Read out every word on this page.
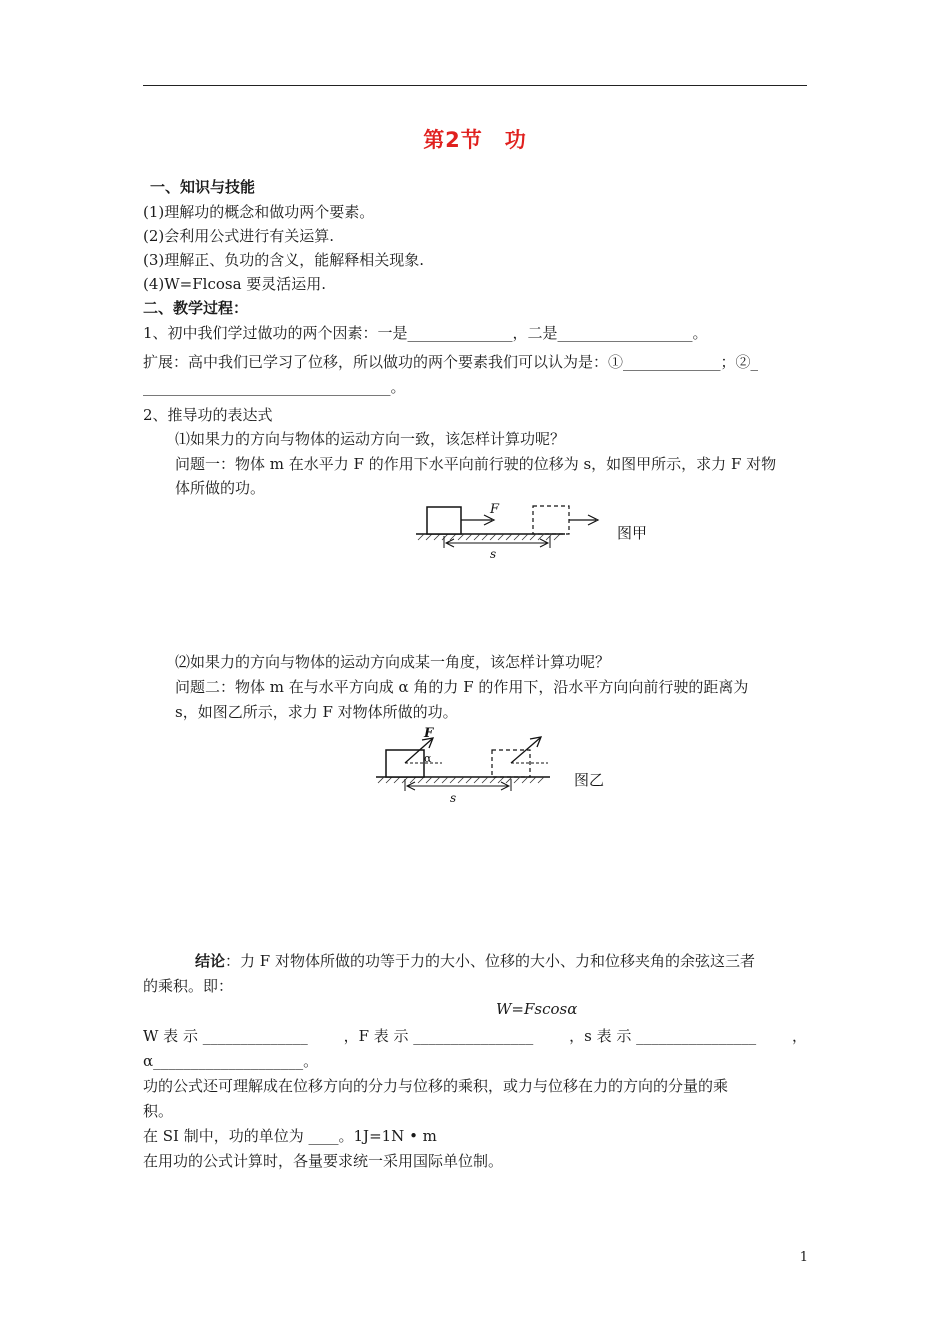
第2节　功
一、知识与技能
(1)理解功的概念和做功两个要素。
(2)会利用公式进行有关运算.
(3)理解正、负功的含义，能解释相关现象.
(4)W=Flcosa 要灵活运用.
二、教学过程：
1、初中我们学过做功的两个因素：一是______________，二是__________________。
扩展：高中我们已学习了位移，所以做功的两个要素我们可以认为是：①_____________；②_
_________________________________。
2、推导功的表达式
⑴如果力的方向与物体的运动方向一致，该怎样计算功呢？
问题一：物体 m 在水平力 F 的作用下水平向前行驶的位移为 s，如图甲所示，求力 F 对物
体所做的功。
F
s
图甲
⑵如果力的方向与物体的运动方向成某一角度，该怎样计算功呢？
问题二：物体 m 在与水平方向成 α 角的力 F 的作用下，沿水平方向向前行驶的距离为
s，如图乙所示，求力 F 对物体所做的功。
F
α
s
图乙
结论：力 F 对物体所做的功等于力的大小、位移的大小、力和位移夹角的余弦这三者
的乘积。即：
W=Fscosα
W 表 示 ______________ ，F 表 示 ________________ ，s 表 示 ________________ ，
α____________________。
功的公式还可理解成在位移方向的分力与位移的乘积，或力与位移在力的方向的分量的乘
积。
在 SI 制中，功的单位为 ____。1J=1N • m
在用功的公式计算时，各量要求统一采用国际单位制。
1
